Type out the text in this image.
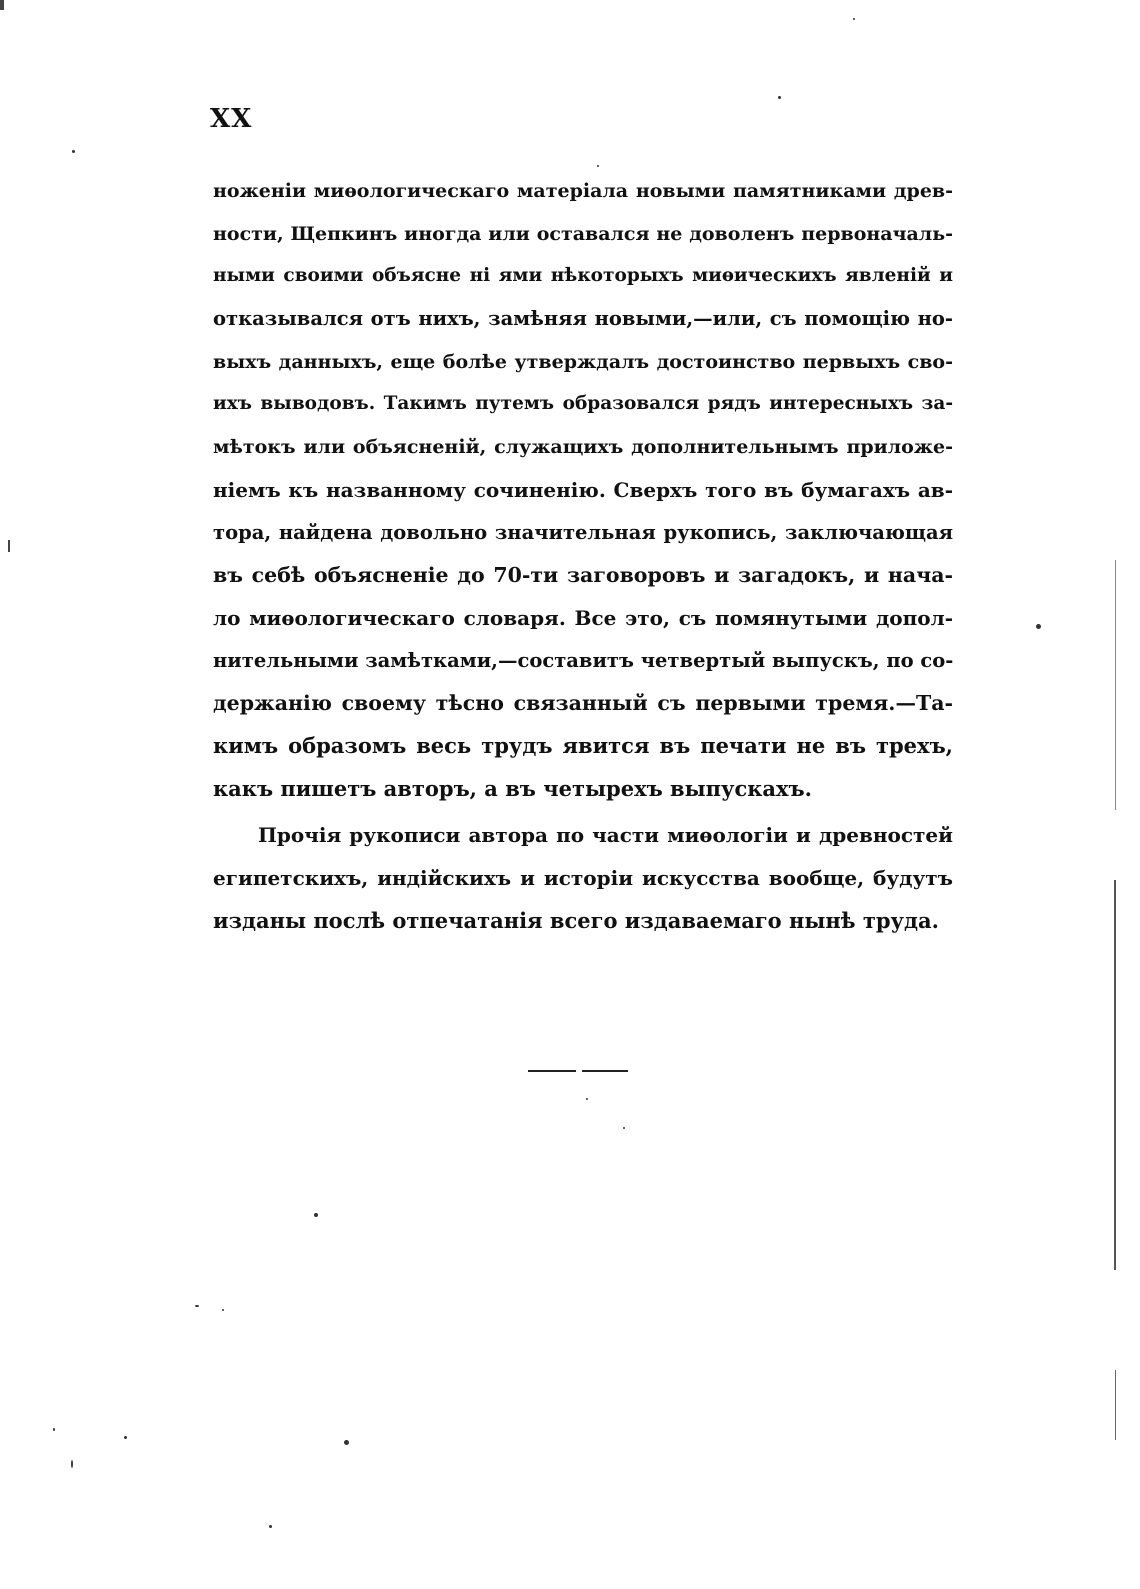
XX
ноженіи миѳологическаго матеріала новыми памятниками древ-
ности, Щепкинъ иногда или оставался не доволенъ первоначаль-
ными своими объясне ні ями нѣкоторыхъ миѳическихъ явленій и
отказывался отъ нихъ, замѣняя новыми,—или, съ помощію но-
выхъ данныхъ, еще болѣе утверждалъ достоинство первыхъ сво-
ихъ выводовъ. Такимъ путемъ образовался рядъ интересныхъ за-
мѣтокъ или объясненій, служащихъ дополнительнымъ приложе-
ніемъ къ названному сочиненію. Сверхъ того въ бумагахъ ав-
тора, найдена довольно значительная рукопись, заключающая
въ себѣ объясненіе до 70-ти заговоровъ и загадокъ, и нача-
ло миѳологическаго словаря. Все это, съ помянутыми допол-
нительными замѣтками,—составитъ четвертый выпускъ, по со-
держанію своему тѣсно связанный съ первыми тремя.—Та-
кимъ образомъ весь трудъ явится въ печати не въ трехъ,
какъ пишетъ авторъ, а въ четырехъ выпускахъ.
Прочія рукописи автора по части миѳологіи и древностей
египетскихъ, индійскихъ и исторіи искусства вообще, будутъ
изданы послѣ отпечатанія всего издаваемаго нынѣ труда.
